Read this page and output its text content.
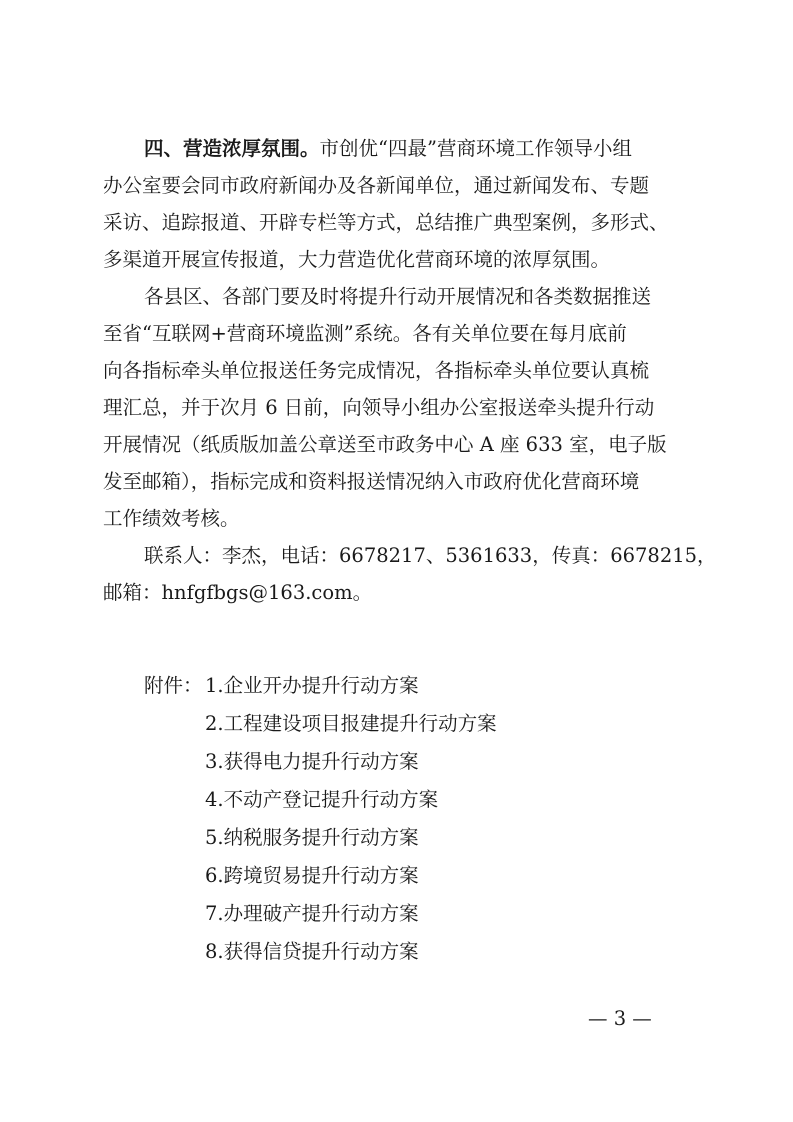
四、营造浓厚氛围。市创优“四最”营商环境工作领导小组
办公室要会同市政府新闻办及各新闻单位，通过新闻发布、专题
采访、追踪报道、开辟专栏等方式，总结推广典型案例，多形式、
多渠道开展宣传报道，大力营造优化营商环境的浓厚氛围。
各县区、各部门要及时将提升行动开展情况和各类数据推送
至省“互联网+营商环境监测”系统。各有关单位要在每月底前
向各指标牵头单位报送任务完成情况，各指标牵头单位要认真梳
理汇总，并于次月 6 日前，向领导小组办公室报送牵头提升行动
开展情况（纸质版加盖公章送至市政务中心 A 座 633 室，电子版
发至邮箱），指标完成和资料报送情况纳入市政府优化营商环境
工作绩效考核。
联系人：李杰，电话：6678217、5361633，传真：6678215，
邮箱：hnfgfbgs@163.com。
附件： 1.企业开办提升行动方案
2.工程建设项目报建提升行动方案
3.获得电力提升行动方案
4.不动产登记提升行动方案
5.纳税服务提升行动方案
6.跨境贸易提升行动方案
7.办理破产提升行动方案
8.获得信贷提升行动方案
— 3 —
